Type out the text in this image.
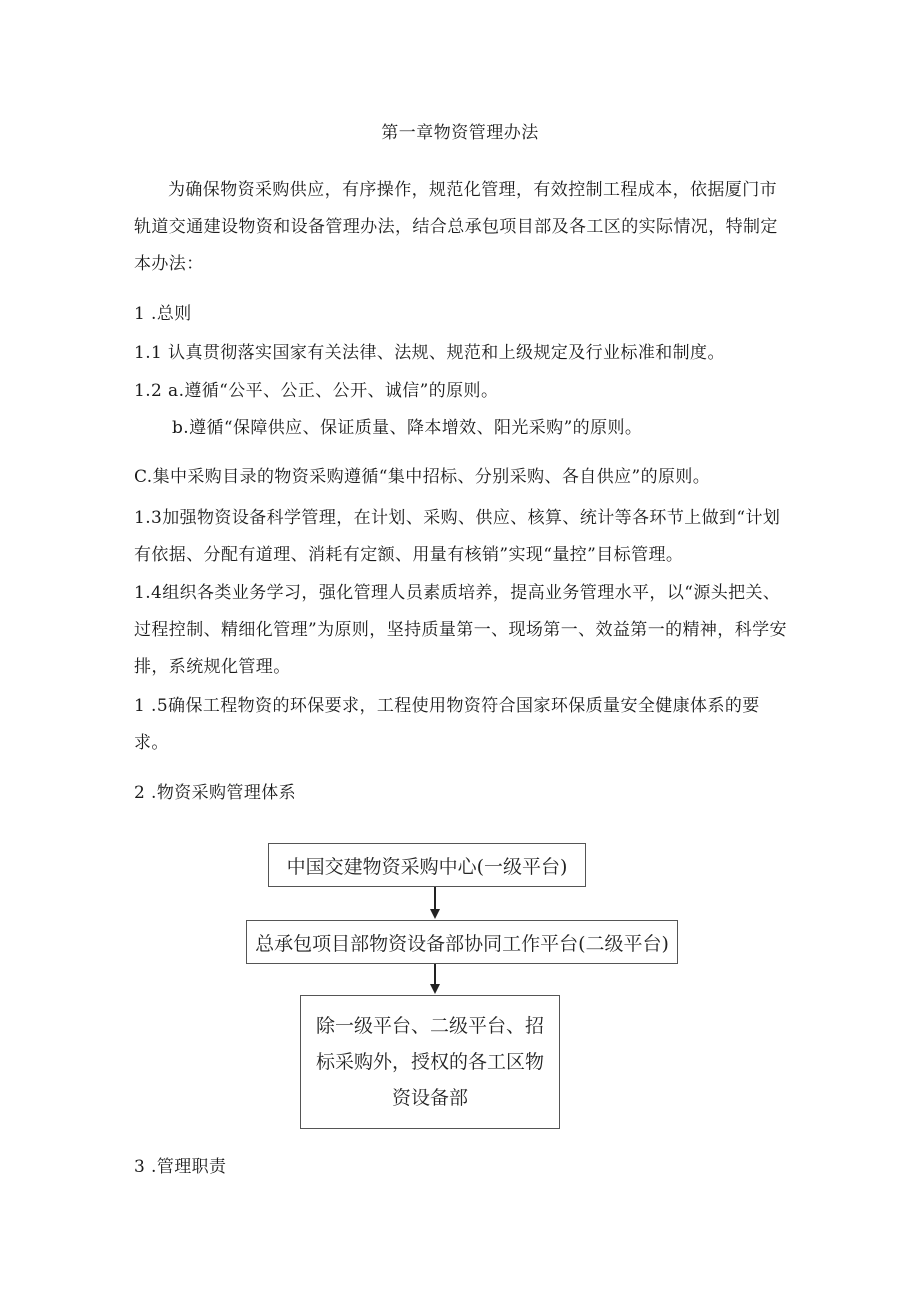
第一章物资管理办法
为确保物资采购供应，有序操作，规范化管理，有效控制工程成本，依据厦门市轨道交通建设物资和设备管理办法，结合总承包项目部及各工区的实际情况，特制定本办法：
1 .总则
1.1 认真贯彻落实国家有关法律、法规、规范和上级规定及行业标准和制度。
1.2 a.遵循“公平、公正、公开、诚信”的原则。
b.遵循“保障供应、保证质量、降本增效、阳光采购”的原则。
C.集中采购目录的物资采购遵循“集中招标、分别采购、各自供应”的原则。
1.3加强物资设备科学管理，在计划、采购、供应、核算、统计等各环节上做到“计划有依据、分配有道理、消耗有定额、用量有核销”实现“量控”目标管理。
1.4组织各类业务学习，强化管理人员素质培养，提高业务管理水平，以“源头把关、过程控制、精细化管理”为原则，坚持质量第一、现场第一、效益第一的精神，科学安排，系统规化管理。
1 .5确保工程物资的环保要求，工程使用物资符合国家环保质量安全健康体系的要求。
2 .物资采购管理体系
中国交建物资采购中心(一级平台)
总承包项目部物资设备部协同工作平台(二级平台)
除一级平台、二级平台、招标采购外，授权的各工区物资设备部
3 .管理职责
